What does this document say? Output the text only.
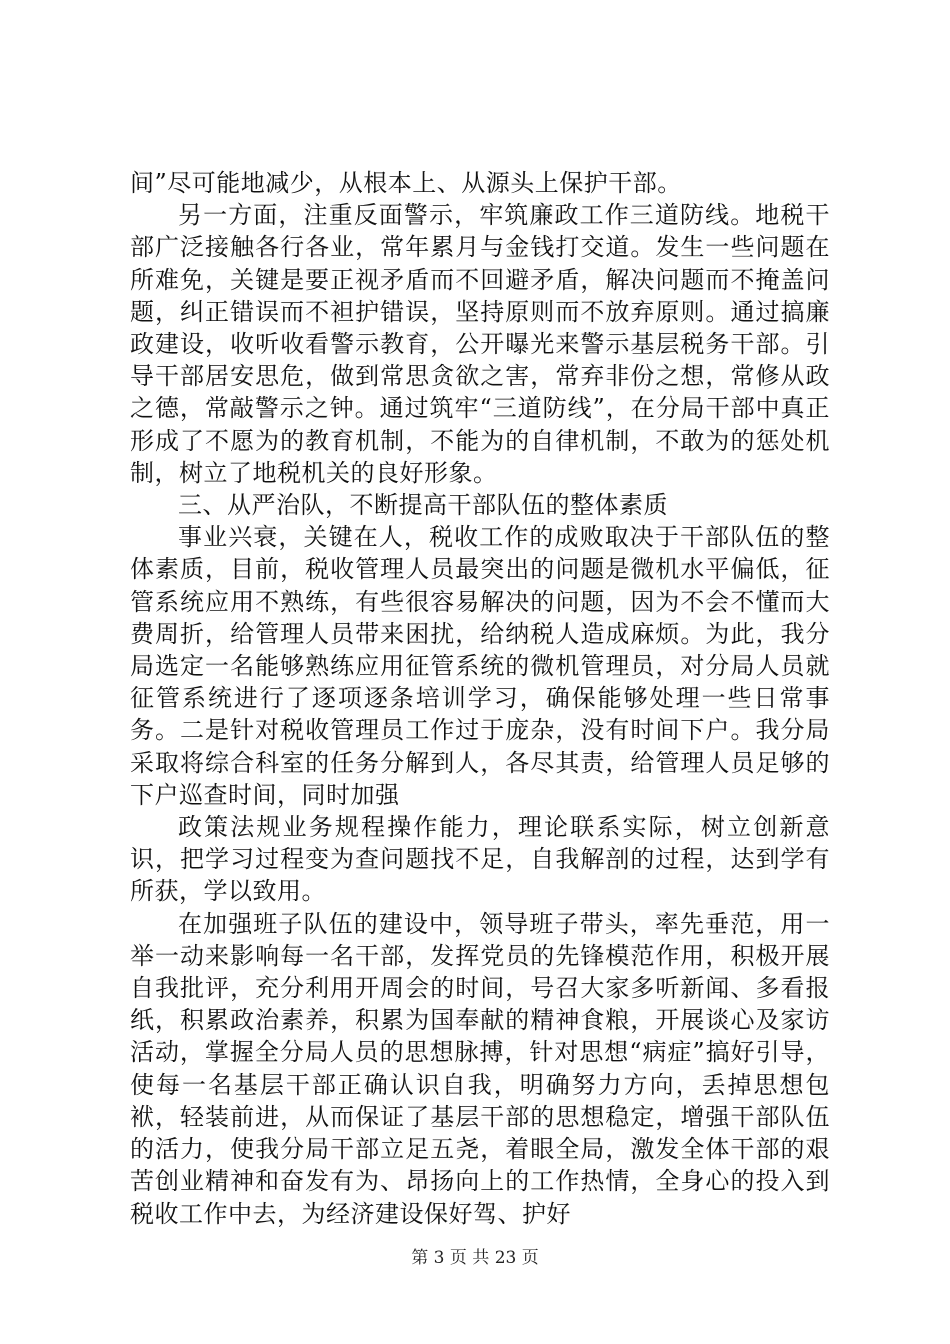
间”尽可能地减少，从根本上、从源头上保护干部。

另一方面，注重反面警示，牢筑廉政工作三道防线。地税干部广泛接触各行各业，常年累月与金钱打交道。发生一些问题在所难免，关键是要正视矛盾而不回避矛盾，解决问题而不掩盖问题，纠正错误而不袒护错误，坚持原则而不放弃原则。通过搞廉政建设，收听收看警示教育，公开曝光来警示基层税务干部。引导干部居安思危，做到常思贪欲之害，常弃非份之想，常修从政之德，常敲警示之钟。通过筑牢“三道防线”，在分局干部中真正形成了不愿为的教育机制，不能为的自律机制，不敢为的惩处机制，树立了地税机关的良好形象。

三、从严治队，不断提高干部队伍的整体素质

事业兴衰，关键在人，税收工作的成败取决于干部队伍的整体素质，目前，税收管理人员最突出的问题是微机水平偏低，征管系统应用不熟练，有些很容易解决的问题，因为不会不懂而大费周折，给管理人员带来困扰，给纳税人造成麻烦。为此，我分局选定一名能够熟练应用征管系统的微机管理员，对分局人员就征管系统进行了逐项逐条培训学习，确保能够处理一些日常事务。二是针对税收管理员工作过于庞杂，没有时间下户。我分局采取将综合科室的任务分解到人，各尽其责，给管理人员足够的下户巡查时间，同时加强

政策法规业务规程操作能力，理论联系实际，树立创新意识，把学习过程变为查问题找不足，自我解剖的过程，达到学有所获，学以致用。

在加强班子队伍的建设中，领导班子带头，率先垂范，用一举一动来影响每一名干部，发挥党员的先锋模范作用，积极开展自我批评，充分利用开周会的时间，号召大家多听新闻、多看报纸，积累政治素养，积累为国奉献的精神食粮，开展谈心及家访活动，掌握全分局人员的思想脉搏，针对思想“病症”搞好引导，使每一名基层干部正确认识自我，明确努力方向，丢掉思想包袱，轻装前进，从而保证了基层干部的思想稳定，增强干部队伍的活力，使我分局干部立足五尧，着眼全局，激发全体干部的艰苦创业精神和奋发有为、昂扬向上的工作热情，全身心的投入到税收工作中去，为经济建设保好驾、护好

第 3 页 共 23 页
